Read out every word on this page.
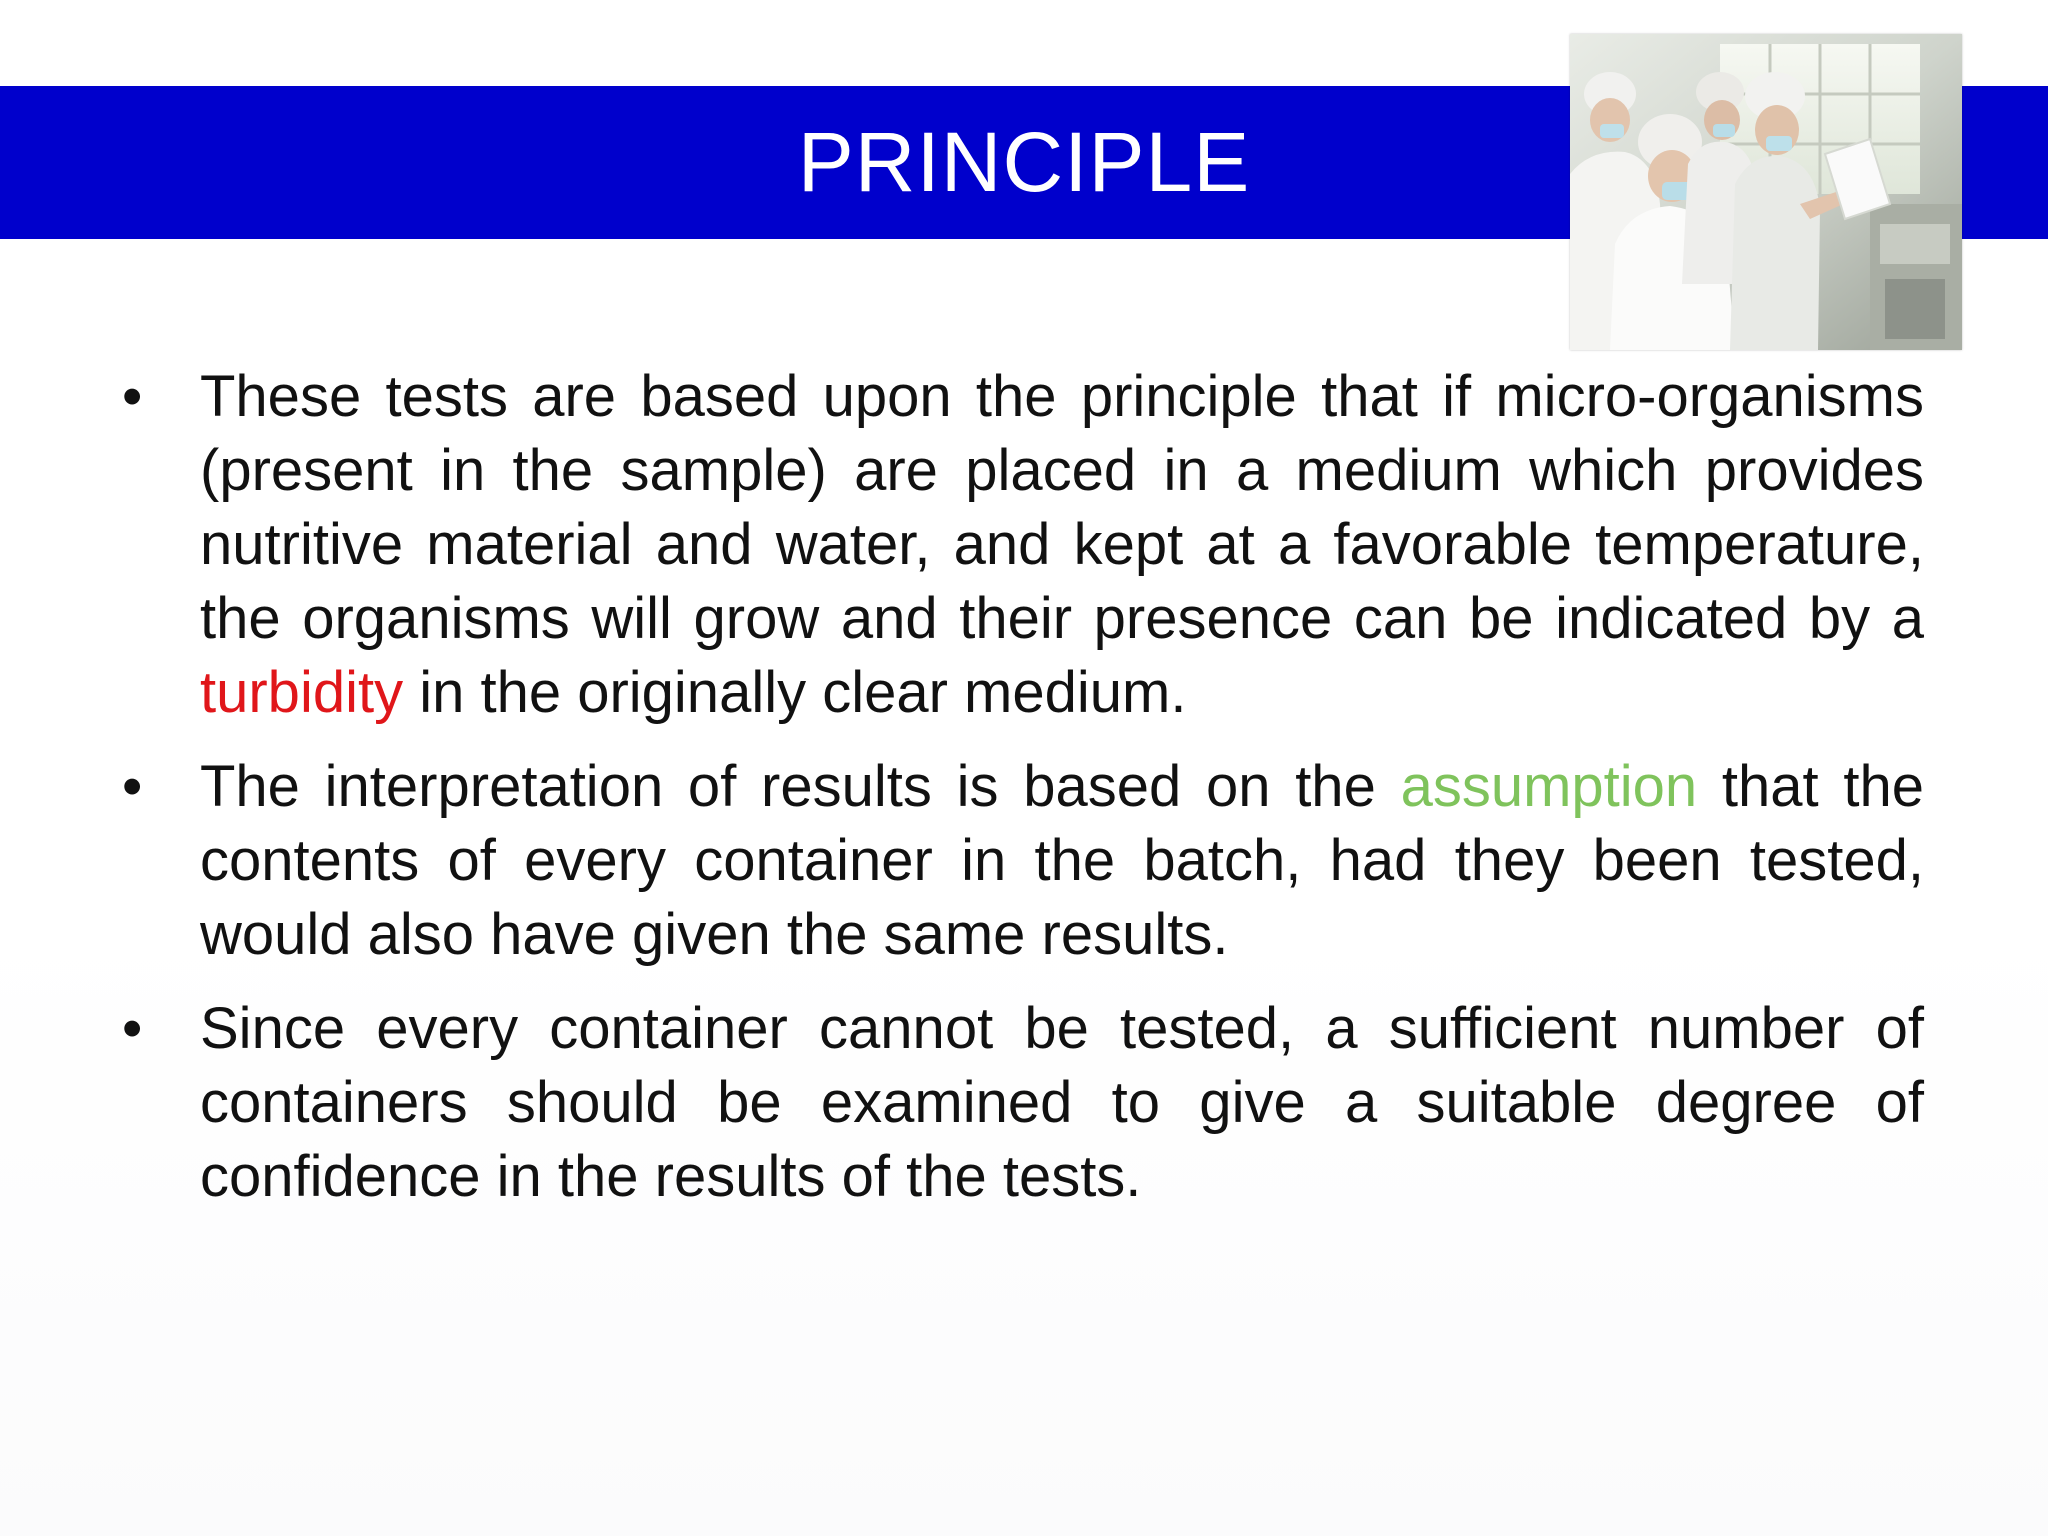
PRINCIPLE
• These tests are based upon the principle that if micro-organisms (present in the sample) are placed in a medium which provides nutritive material and water, and kept at a favorable temperature, the organisms will grow and their presence can be indicated by a turbidity in the originally clear medium.
• The interpretation of results is based on the assumption that the contents of every container in the batch, had they been tested, would also have given the same results.
• Since every container cannot be tested, a sufficient number of containers should be examined to give a suitable degree of confidence in the results of the tests.
